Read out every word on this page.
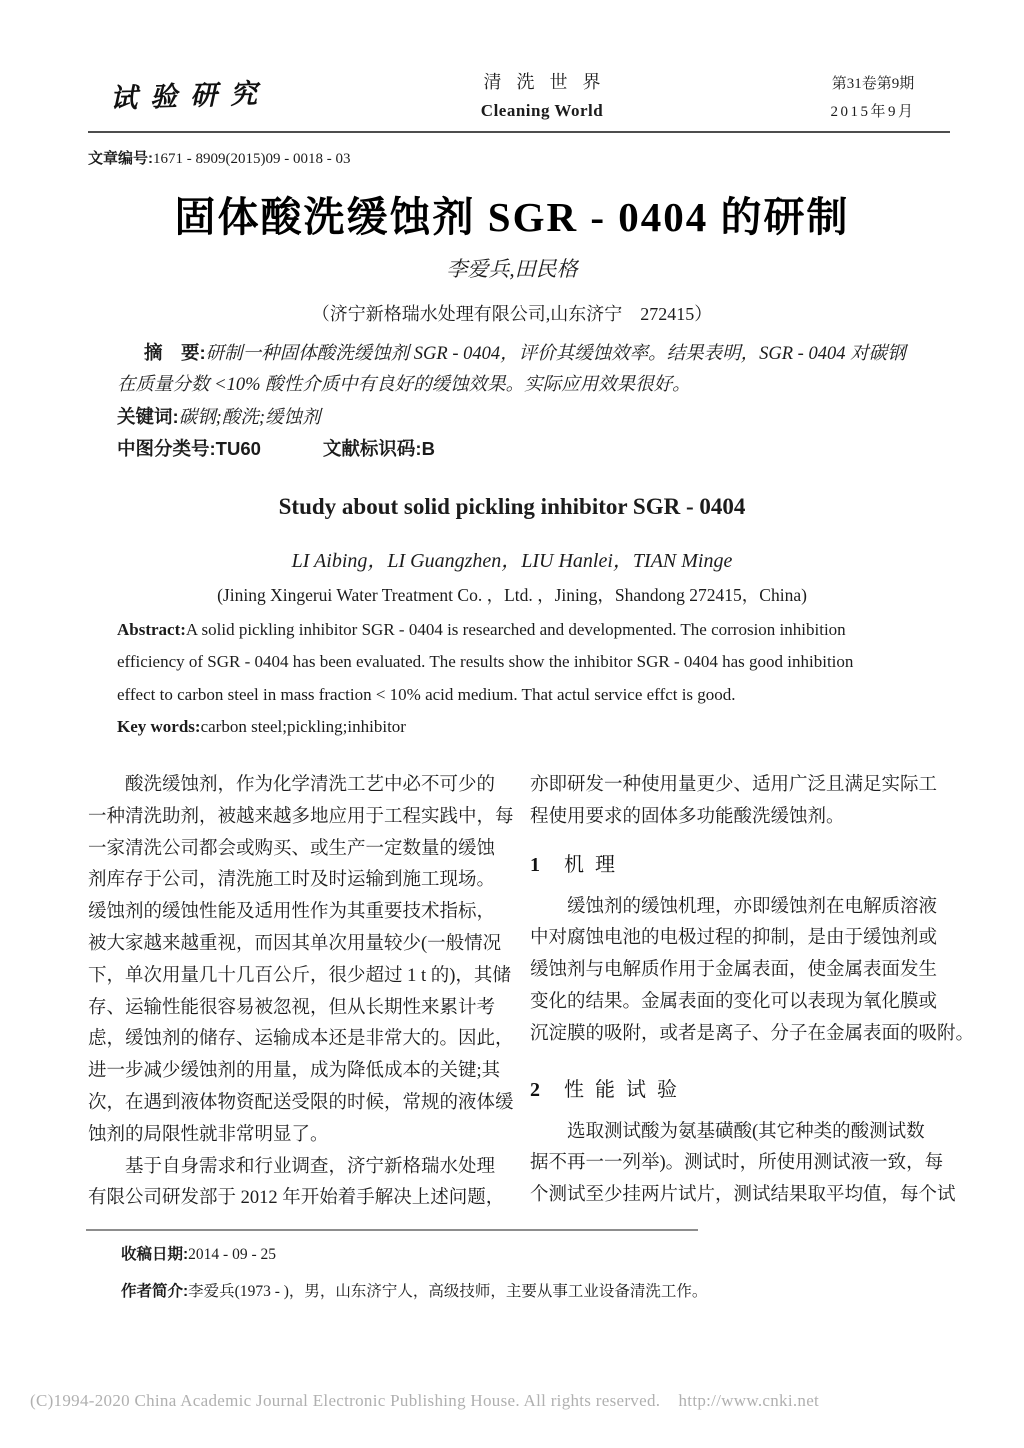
试验研究	清洗世界
Cleaning World
第31卷第9期
2015年9月
文章编号:1671 - 8909(2015)09 - 0018 - 03
固体酸洗缓蚀剂 SGR - 0404 的研制
李爱兵,田民格
（济宁新格瑞水处理有限公司,山东济宁　272415）

摘　要:研制一种固体酸洗缓蚀剂 SGR - 0404，评价其缓蚀效率。结果表明，SGR - 0404 对碳钢

在质量分数 <10% 酸性介质中有良好的缓蚀效果。实际应用效果很好。

关键词:碳钢;酸洗;缓蚀剂

中图分类号:TU60	文献标识码:B

Study about solid pickling inhibitor SGR - 0404
LI Aibing，LI Guangzhen，LIU Hanlei，TIAN Minge
(Jining Xingerui Water Treatment Co. ，Ltd. ，Jining，Shandong 272415，China)

Abstract:A solid pickling inhibitor SGR - 0404 is researched and developmented. The corrosion inhibition

efficiency of SGR - 0404 has been evaluated. The results show the inhibitor SGR - 0404 has good inhibition

effect to carbon steel in mass fraction < 10% acid medium. That actul service effct is good.

Key words:carbon steel;pickling;inhibitor

　　酸洗缓蚀剂，作为化学清洗工艺中必不可少的
一种清洗助剂，被越来越多地应用于工程实践中，每
一家清洗公司都会或购买、或生产一定数量的缓蚀
剂库存于公司，清洗施工时及时运输到施工现场。
缓蚀剂的缓蚀性能及适用性作为其重要技术指标，
被大家越来越重视，而因其单次用量较少(一般情况
下，单次用量几十几百公斤，很少超过 1 t 的)，其储
存、运输性能很容易被忽视，但从长期性来累计考
虑，缓蚀剂的储存、运输成本还是非常大的。因此，
进一步减少缓蚀剂的用量，成为降低成本的关键;其
次，在遇到液体物资配送受限的时候，常规的液体缓
蚀剂的局限性就非常明显了。
　　基于自身需求和行业调查，济宁新格瑞水处理
有限公司研发部于 2012 年开始着手解决上述问题，
亦即研发一种使用量更少、适用广泛且满足实际工
程使用要求的固体多功能酸洗缓蚀剂。
1 机理
　　缓蚀剂的缓蚀机理，亦即缓蚀剂在电解质溶液
中对腐蚀电池的电极过程的抑制，是由于缓蚀剂或
缓蚀剂与电解质作用于金属表面，使金属表面发生
变化的结果。金属表面的变化可以表现为氧化膜或
沉淀膜的吸附，或者是离子、分子在金属表面的吸附。
2 性能试验
　　选取测试酸为氨基磺酸(其它种类的酸测试数
据不再一一列举)。测试时，所使用测试液一致，每
个测试至少挂两片试片，测试结果取平均值，每个试

收稿日期:2014 - 09 - 25

作者简介:李爱兵(1973 - )，男，山东济宁人，高级技师，主要从事工业设备清洗工作。

(C)1994-2020 China Academic Journal Electronic Publishing House. All rights reserved.    http://www.cnki.net
